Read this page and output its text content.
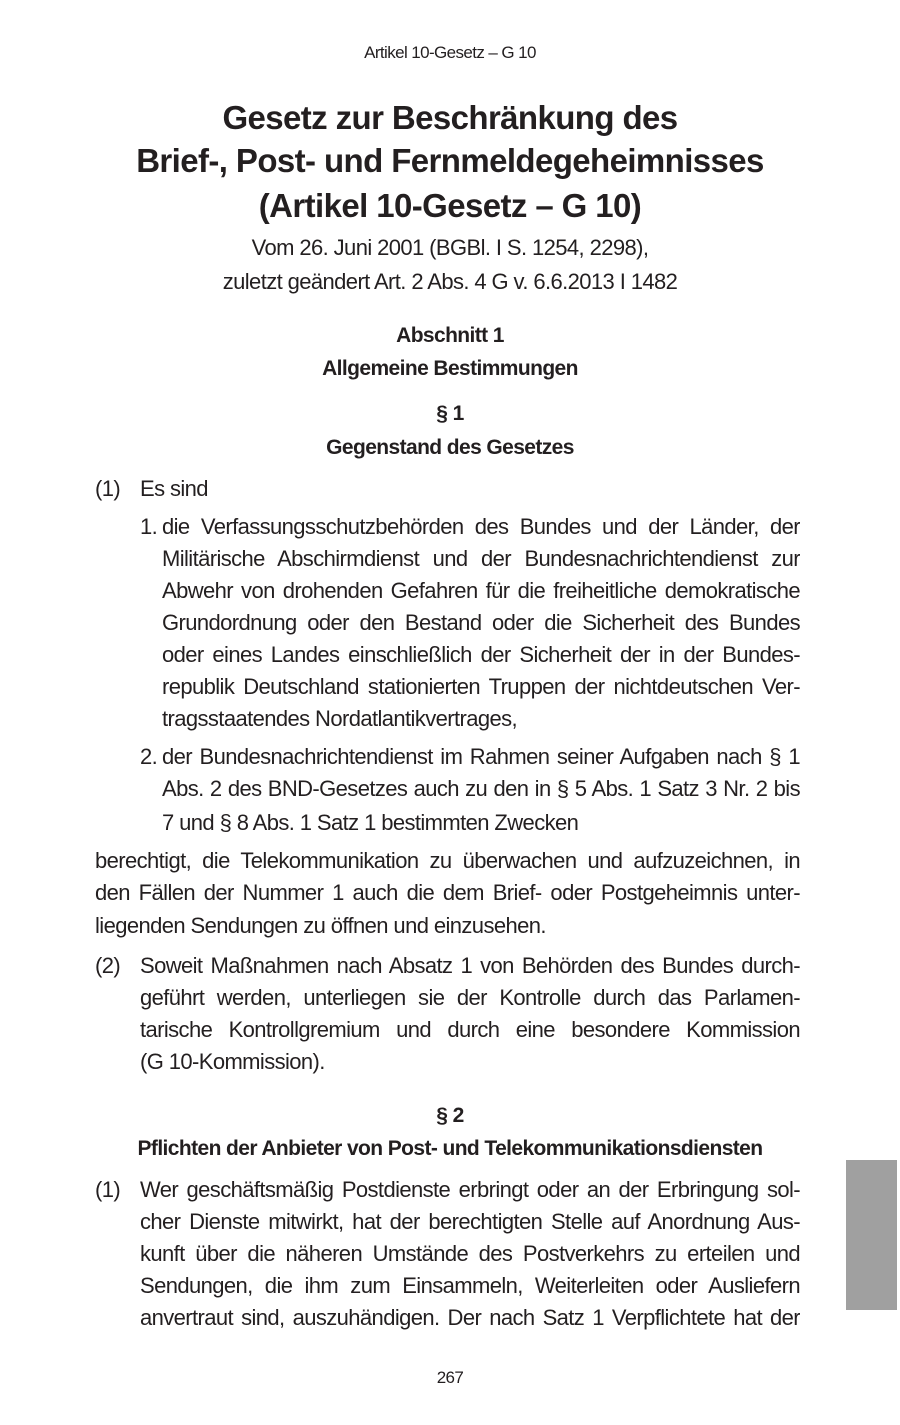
Artikel 10-Gesetz – G 10
Gesetz zur Beschränkung des
Brief-, Post- und Fernmeldegeheimnisses
(Artikel 10-Gesetz – G 10)
Vom 26. Juni 2001 (BGBl. I S. 1254, 2298),
zuletzt geändert Art. 2 Abs. 4 G v. 6.6.2013 I 1482
Abschnitt 1
Allgemeine Bestimmungen
§ 1
Gegenstand des Gesetzes
(1) Es sind
1. die Verfassungsschutzbehörden des Bundes und der Länder, der
Militärische Abschirmdienst und der Bundesnachrichtendienst zur
Abwehr von drohenden Gefahren für die freiheitliche demokratische
Grundordnung oder den Bestand oder die Sicherheit des Bundes
oder eines Landes einschließlich der Sicherheit der in der Bundes-
republik Deutschland stationierten Truppen der nichtdeutschen Ver-
tragsstaatendes Nordatlantikvertrages,
2. der Bundesnachrichtendienst im Rahmen seiner Aufgaben nach § 1
Abs. 2 des BND-Gesetzes auch zu den in § 5 Abs. 1 Satz 3 Nr. 2 bis
7 und § 8 Abs. 1 Satz 1 bestimmten Zwecken
berechtigt, die Telekommunikation zu überwachen und aufzuzeichnen, in
den Fällen der Nummer 1 auch die dem Brief- oder Postgeheimnis unter-
liegenden Sendungen zu öffnen und einzusehen.
(2) Soweit Maßnahmen nach Absatz 1 von Behörden des Bundes durch-
geführt werden, unterliegen sie der Kontrolle durch das Parlamen-
tarische Kontrollgremium und durch eine besondere Kommission
(G 10-Kommission).
§ 2
Pflichten der Anbieter von Post- und Telekommunikationsdiensten
(1) Wer geschäftsmäßig Postdienste erbringt oder an der Erbringung sol-
cher Dienste mitwirkt, hat der berechtigten Stelle auf Anordnung Aus-
kunft über die näheren Umstände des Postverkehrs zu erteilen und
Sendungen, die ihm zum Einsammeln, Weiterleiten oder Ausliefern
anvertraut sind, auszuhändigen. Der nach Satz 1 Verpflichtete hat der
267
